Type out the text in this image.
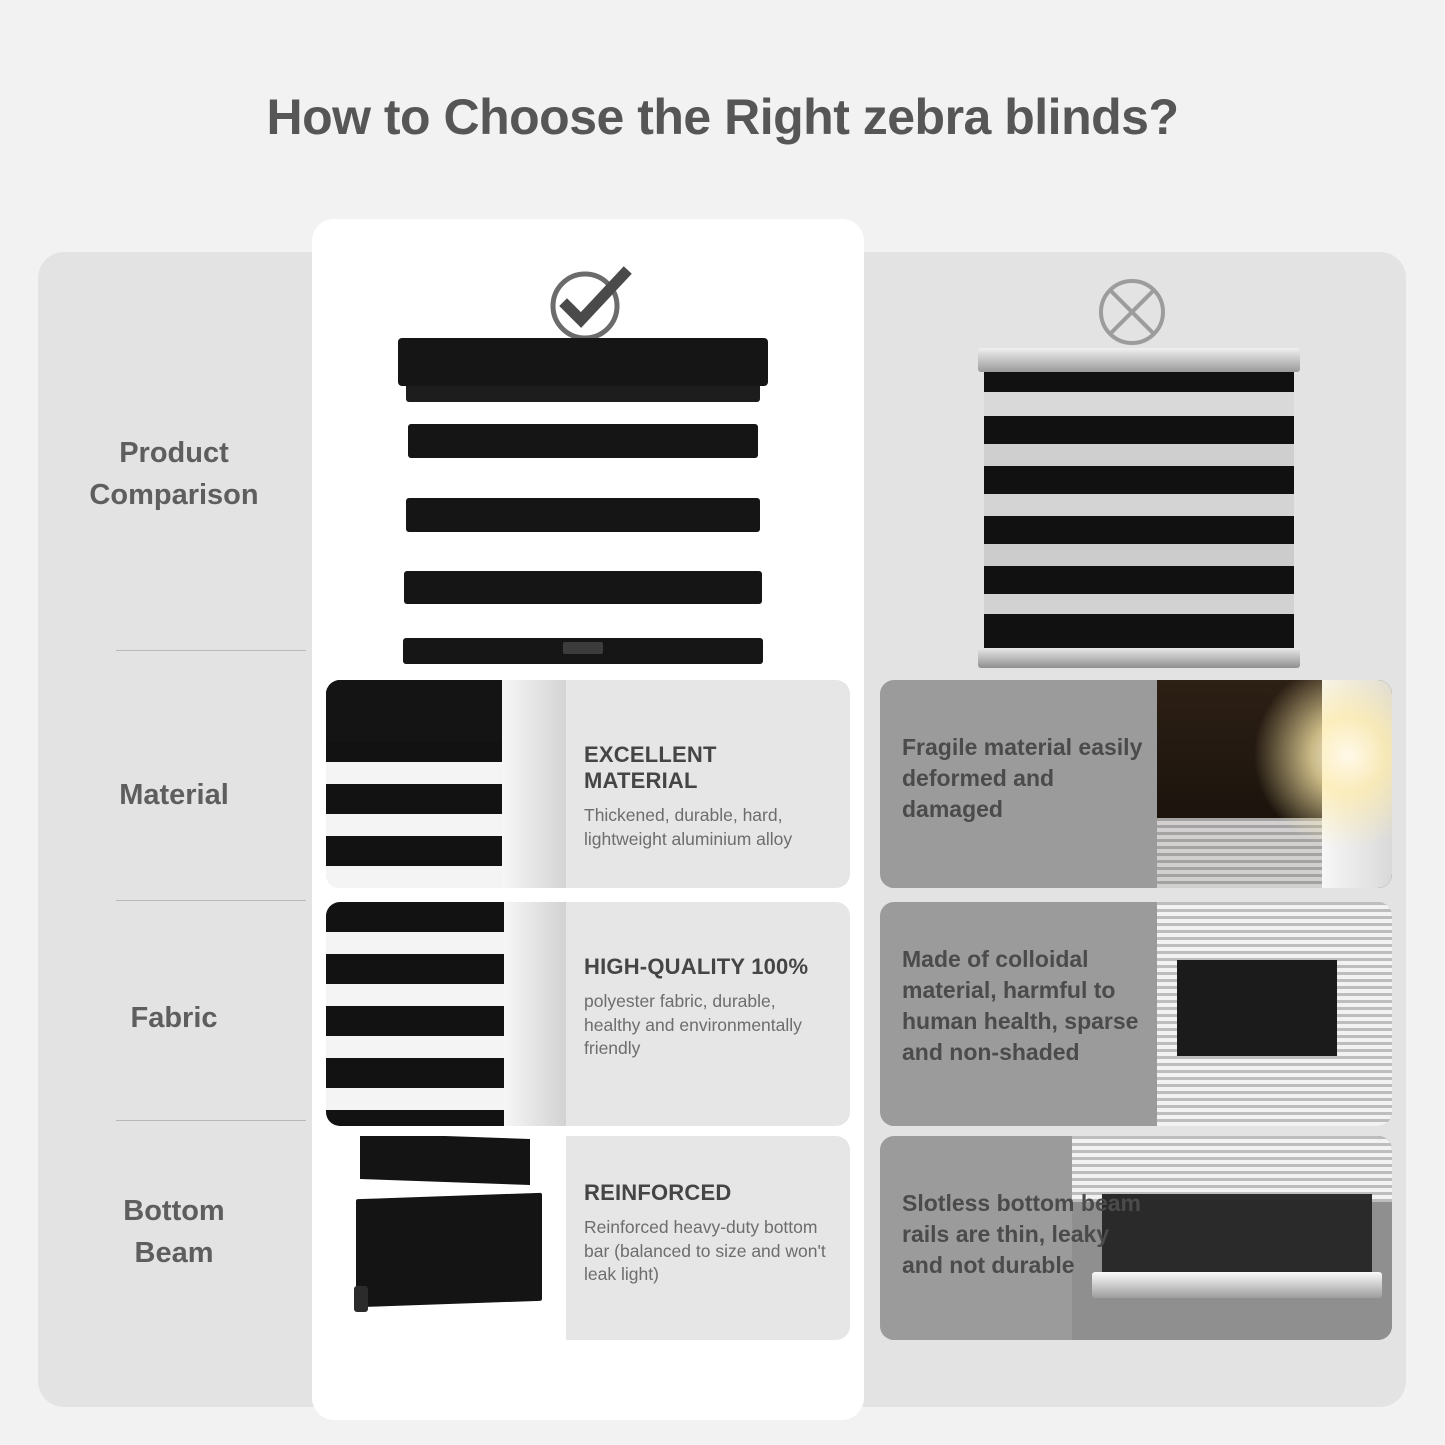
How to Choose the Right zebra blinds?
Product
Comparison
Material
Fabric
Bottom
Beam
EXCELLENT MATERIAL
Thickened, durable, hard, lightweight aluminium alloy
Fragile material easily deformed and damaged
HIGH-QUALITY 100%
polyester fabric, durable, healthy and environmentally friendly
Made of colloidal material, harmful to human health, sparse and non-shaded
REINFORCED
Reinforced heavy-duty bottom bar (balanced to size and won't leak light)
Slotless bottom beam rails are thin, leaky and not durable
